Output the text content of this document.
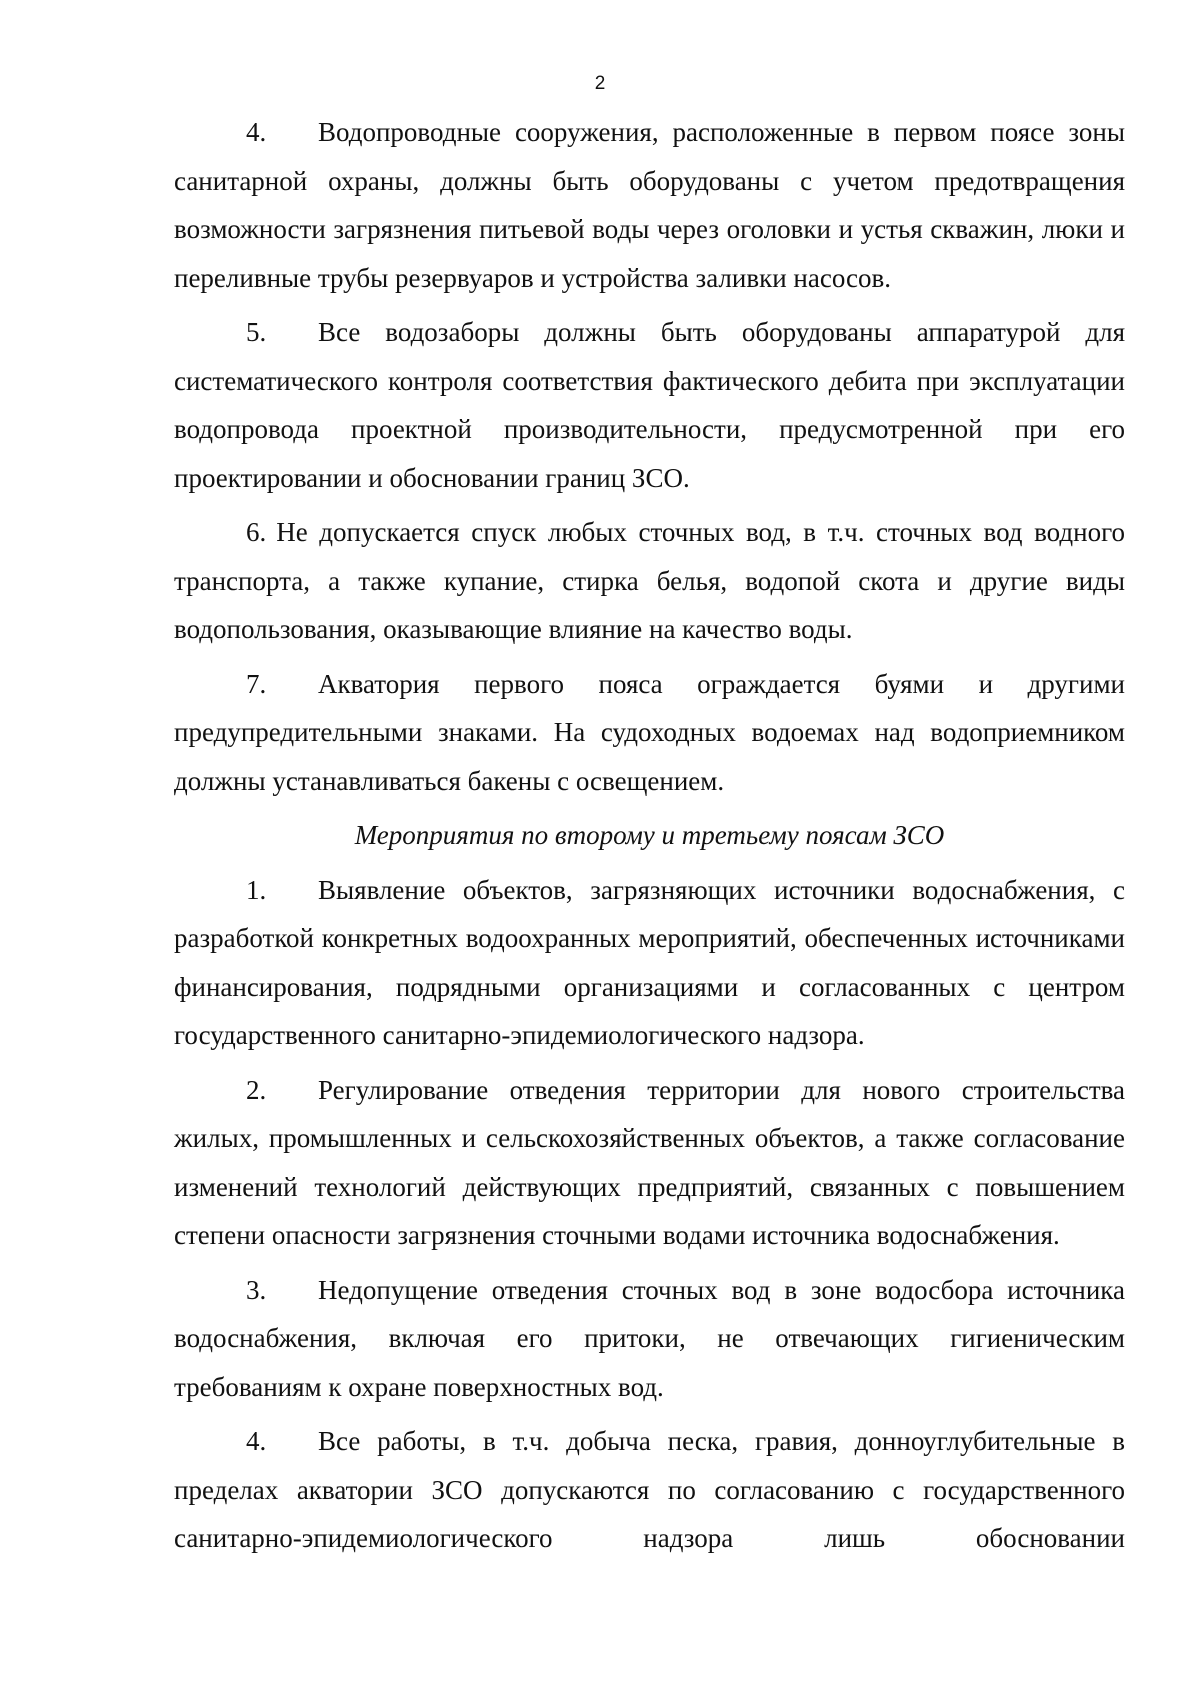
2

4. Водопроводные сооружения, расположенные в первом поясе зоны санитарной охраны, должны быть оборудованы с учетом предотвращения возможности загрязнения питьевой воды через оголовки и устья скважин, люки и переливные трубы резервуаров и устройства заливки насосов.

5. Все водозаборы должны быть оборудованы аппаратурой для систематического контроля соответствия фактического дебита при эксплуатации водопровода проектной производительности, предусмотренной при его проектировании и обосновании границ ЗСО.

6. Не допускается спуск любых сточных вод, в т.ч. сточных вод водного транспорта, а также купание, стирка белья, водопой скота и другие виды водопользования, оказывающие влияние на качество воды.

7. Акватория первого пояса ограждается буями и другими предупредительными знаками. На судоходных водоемах над водоприемником должны устанавливаться бакены с освещением.

Мероприятия по второму и третьему поясам ЗСО

1. Выявление объектов, загрязняющих источники водоснабжения, с разработкой конкретных водоохранных мероприятий, обеспеченных источниками финансирования, подрядными организациями и согласованных с центром государственного санитарно-эпидемиологического надзора.

2. Регулирование отведения территории для нового строительства жилых, промышленных и сельскохозяйственных объектов, а также согласование изменений технологий действующих предприятий, связанных с повышением степени опасности загрязнения сточными водами источника водоснабжения.

3. Недопущение отведения сточных вод в зоне водосбора источника водоснабжения, включая его притоки, не отвечающих гигиеническим требованиям к охране поверхностных вод.

4. Все работы, в т.ч. добыча песка, гравия, донноуглубительные в пределах акватории ЗСО допускаются по согласованию с государственного санитарно-эпидемиологического надзора лишь обосновании
